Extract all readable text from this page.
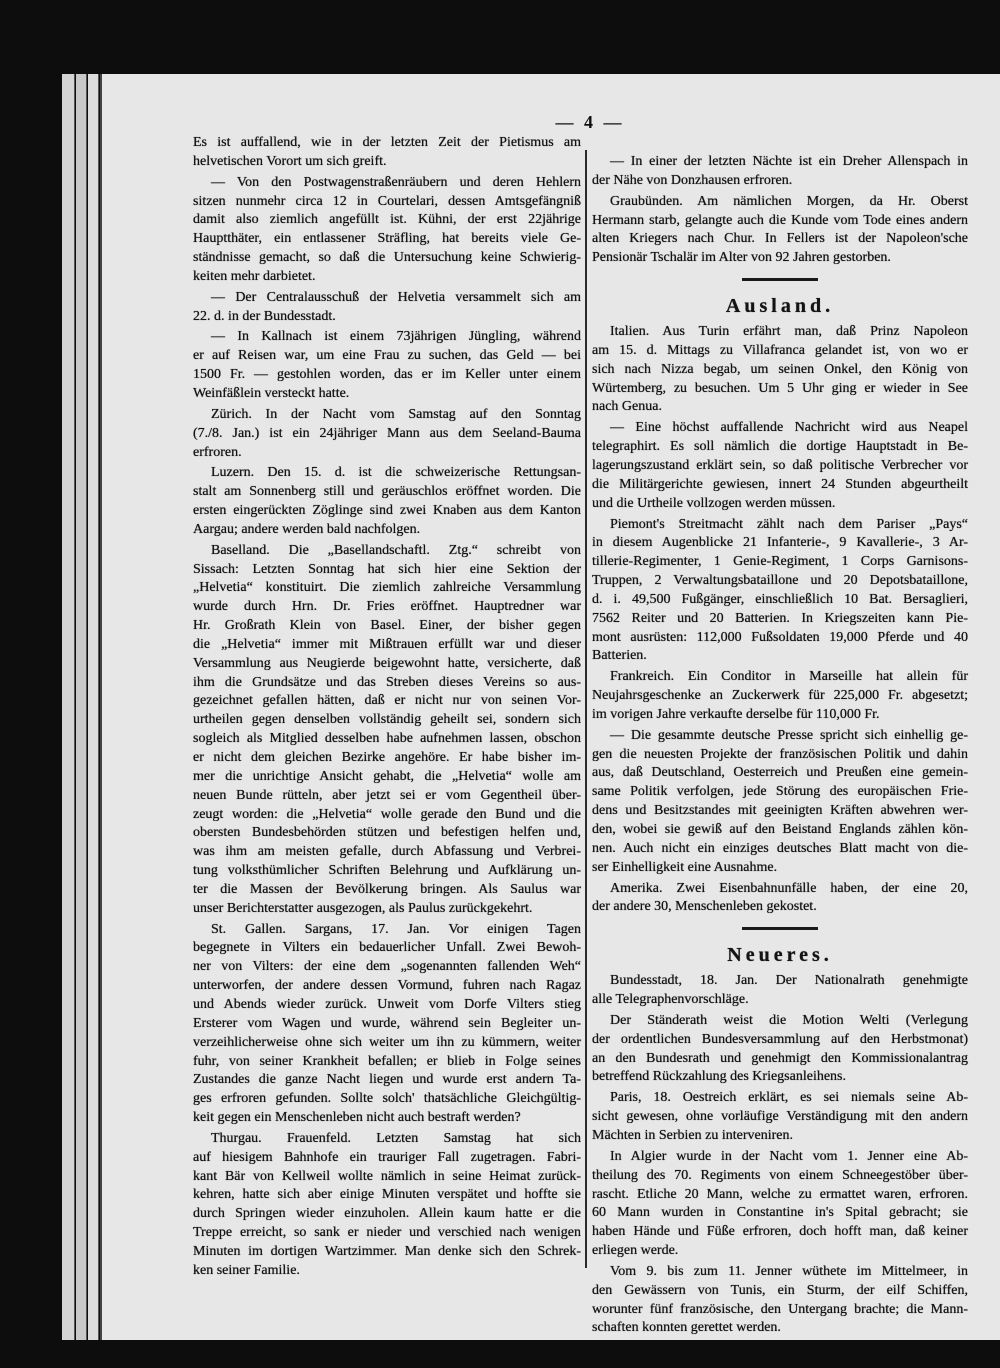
— 4 —
Es ist auffallend, wie in der letzten Zeit der Pietismus am
helvetischen Vorort um sich greift.
— Von den Postwagenstraßenräubern und deren Hehlern
sitzen nunmehr circa 12 in Courtelari, dessen Amtsgefängniß
damit also ziemlich angefüllt ist. Kühni, der erst 22jährige
Hauptthäter, ein entlassener Sträfling, hat bereits viele Ge-
ständnisse gemacht, so daß die Untersuchung keine Schwierig-
keiten mehr darbietet.
— Der Centralausschuß der Helvetia versammelt sich am
22. d. in der Bundesstadt.
— In Kallnach ist einem 73jährigen Jüngling, während
er auf Reisen war, um eine Frau zu suchen, das Geld — bei
1500 Fr. — gestohlen worden, das er im Keller unter einem
Weinfäßlein versteckt hatte.
Zürich. In der Nacht vom Samstag auf den Sonntag
(7./8. Jan.) ist ein 24jähriger Mann aus dem Seeland-Bauma
erfroren.
Luzern. Den 15. d. ist die schweizerische Rettungsan-
stalt am Sonnenberg still und geräuschlos eröffnet worden. Die
ersten eingerückten Zöglinge sind zwei Knaben aus dem Kanton
Aargau; andere werden bald nachfolgen.
Baselland. Die „Basellandschaftl. Ztg.“ schreibt von
Sissach: Letzten Sonntag hat sich hier eine Sektion der
„Helvetia“ konstituirt. Die ziemlich zahlreiche Versammlung
wurde durch Hrn. Dr. Fries eröffnet. Hauptredner war
Hr. Großrath Klein von Basel. Einer, der bisher gegen
die „Helvetia“ immer mit Mißtrauen erfüllt war und dieser
Versammlung aus Neugierde beigewohnt hatte, versicherte, daß
ihm die Grundsätze und das Streben dieses Vereins so aus-
gezeichnet gefallen hätten, daß er nicht nur von seinen Vor-
urtheilen gegen denselben vollständig geheilt sei, sondern sich
sogleich als Mitglied desselben habe aufnehmen lassen, obschon
er nicht dem gleichen Bezirke angehöre. Er habe bisher im-
mer die unrichtige Ansicht gehabt, die „Helvetia“ wolle am
neuen Bunde rütteln, aber jetzt sei er vom Gegentheil über-
zeugt worden: die „Helvetia“ wolle gerade den Bund und die
obersten Bundesbehörden stützen und befestigen helfen und,
was ihm am meisten gefalle, durch Abfassung und Verbrei-
tung volksthümlicher Schriften Belehrung und Aufklärung un-
ter die Massen der Bevölkerung bringen. Als Saulus war
unser Berichterstatter ausgezogen, als Paulus zurückgekehrt.
St. Gallen. Sargans, 17. Jan. Vor einigen Tagen
begegnete in Vilters ein bedauerlicher Unfall. Zwei Bewoh-
ner von Vilters: der eine dem „sogenannten fallenden Weh“
unterworfen, der andere dessen Vormund, fuhren nach Ragaz
und Abends wieder zurück. Unweit vom Dorfe Vilters stieg
Ersterer vom Wagen und wurde, während sein Begleiter un-
verzeihlicherweise ohne sich weiter um ihn zu kümmern, weiter
fuhr, von seiner Krankheit befallen; er blieb in Folge seines
Zustandes die ganze Nacht liegen und wurde erst andern Ta-
ges erfroren gefunden. Sollte solch' thatsächliche Gleichgültig-
keit gegen ein Menschenleben nicht auch bestraft werden?
Thurgau. Frauenfeld. Letzten Samstag hat sich
auf hiesigem Bahnhofe ein trauriger Fall zugetragen. Fabri-
kant Bär von Kellweil wollte nämlich in seine Heimat zurück-
kehren, hatte sich aber einige Minuten verspätet und hoffte sie
durch Springen wieder einzuholen. Allein kaum hatte er die
Treppe erreicht, so sank er nieder und verschied nach wenigen
Minuten im dortigen Wartzimmer. Man denke sich den Schrek-
ken seiner Familie.
— In einer der letzten Nächte ist ein Dreher Allenspach in
der Nähe von Donzhausen erfroren.
Graubünden. Am nämlichen Morgen, da Hr. Oberst
Hermann starb, gelangte auch die Kunde vom Tode eines andern
alten Kriegers nach Chur. In Fellers ist der Napoleon'sche
Pensionär Tschalär im Alter von 92 Jahren gestorben.
Ausland.
Italien. Aus Turin erfährt man, daß Prinz Napoleon
am 15. d. Mittags zu Villafranca gelandet ist, von wo er
sich nach Nizza begab, um seinen Onkel, den König von
Würtemberg, zu besuchen. Um 5 Uhr ging er wieder in See
nach Genua.
— Eine höchst auffallende Nachricht wird aus Neapel
telegraphirt. Es soll nämlich die dortige Hauptstadt in Be-
lagerungszustand erklärt sein, so daß politische Verbrecher vor
die Militärgerichte gewiesen, innert 24 Stunden abgeurtheilt
und die Urtheile vollzogen werden müssen.
Piemont's Streitmacht zählt nach dem Pariser „Pays“
in diesem Augenblicke 21 Infanterie-, 9 Kavallerie-, 3 Ar-
tillerie-Regimenter, 1 Genie-Regiment, 1 Corps Garnisons-
Truppen, 2 Verwaltungsbataillone und 20 Depotsbataillone,
d. i. 49,500 Fußgänger, einschließlich 10 Bat. Bersaglieri,
7562 Reiter und 20 Batterien. In Kriegszeiten kann Pie-
mont ausrüsten: 112,000 Fußsoldaten 19,000 Pferde und 40
Batterien.
Frankreich. Ein Conditor in Marseille hat allein für
Neujahrsgeschenke an Zuckerwerk für 225,000 Fr. abgesetzt;
im vorigen Jahre verkaufte derselbe für 110,000 Fr.
— Die gesammte deutsche Presse spricht sich einhellig ge-
gen die neuesten Projekte der französischen Politik und dahin
aus, daß Deutschland, Oesterreich und Preußen eine gemein-
same Politik verfolgen, jede Störung des europäischen Frie-
dens und Besitzstandes mit geeinigten Kräften abwehren wer-
den, wobei sie gewiß auf den Beistand Englands zählen kön-
nen. Auch nicht ein einziges deutsches Blatt macht von die-
ser Einhelligkeit eine Ausnahme.
Amerika. Zwei Eisenbahnunfälle haben, der eine 20,
der andere 30, Menschenleben gekostet.
Neueres.
Bundesstadt, 18. Jan. Der Nationalrath genehmigte
alle Telegraphenvorschläge.
Der Ständerath weist die Motion Welti (Verlegung
der ordentlichen Bundesversammlung auf den Herbstmonat)
an den Bundesrath und genehmigt den Kommissionalantrag
betreffend Rückzahlung des Kriegsanleihens.
Paris, 18. Oestreich erklärt, es sei niemals seine Ab-
sicht gewesen, ohne vorläufige Verständigung mit den andern
Mächten in Serbien zu interveniren.
In Algier wurde in der Nacht vom 1. Jenner eine Ab-
theilung des 70. Regiments von einem Schneegestöber über-
rascht. Etliche 20 Mann, welche zu ermattet waren, erfroren.
60 Mann wurden in Constantine in's Spital gebracht; sie
haben Hände und Füße erfroren, doch hofft man, daß keiner
erliegen werde.
Vom 9. bis zum 11. Jenner wüthete im Mittelmeer, in
den Gewässern von Tunis, ein Sturm, der eilf Schiffen,
worunter fünf französische, den Untergang brachte; die Mann-
schaften konnten gerettet werden.
